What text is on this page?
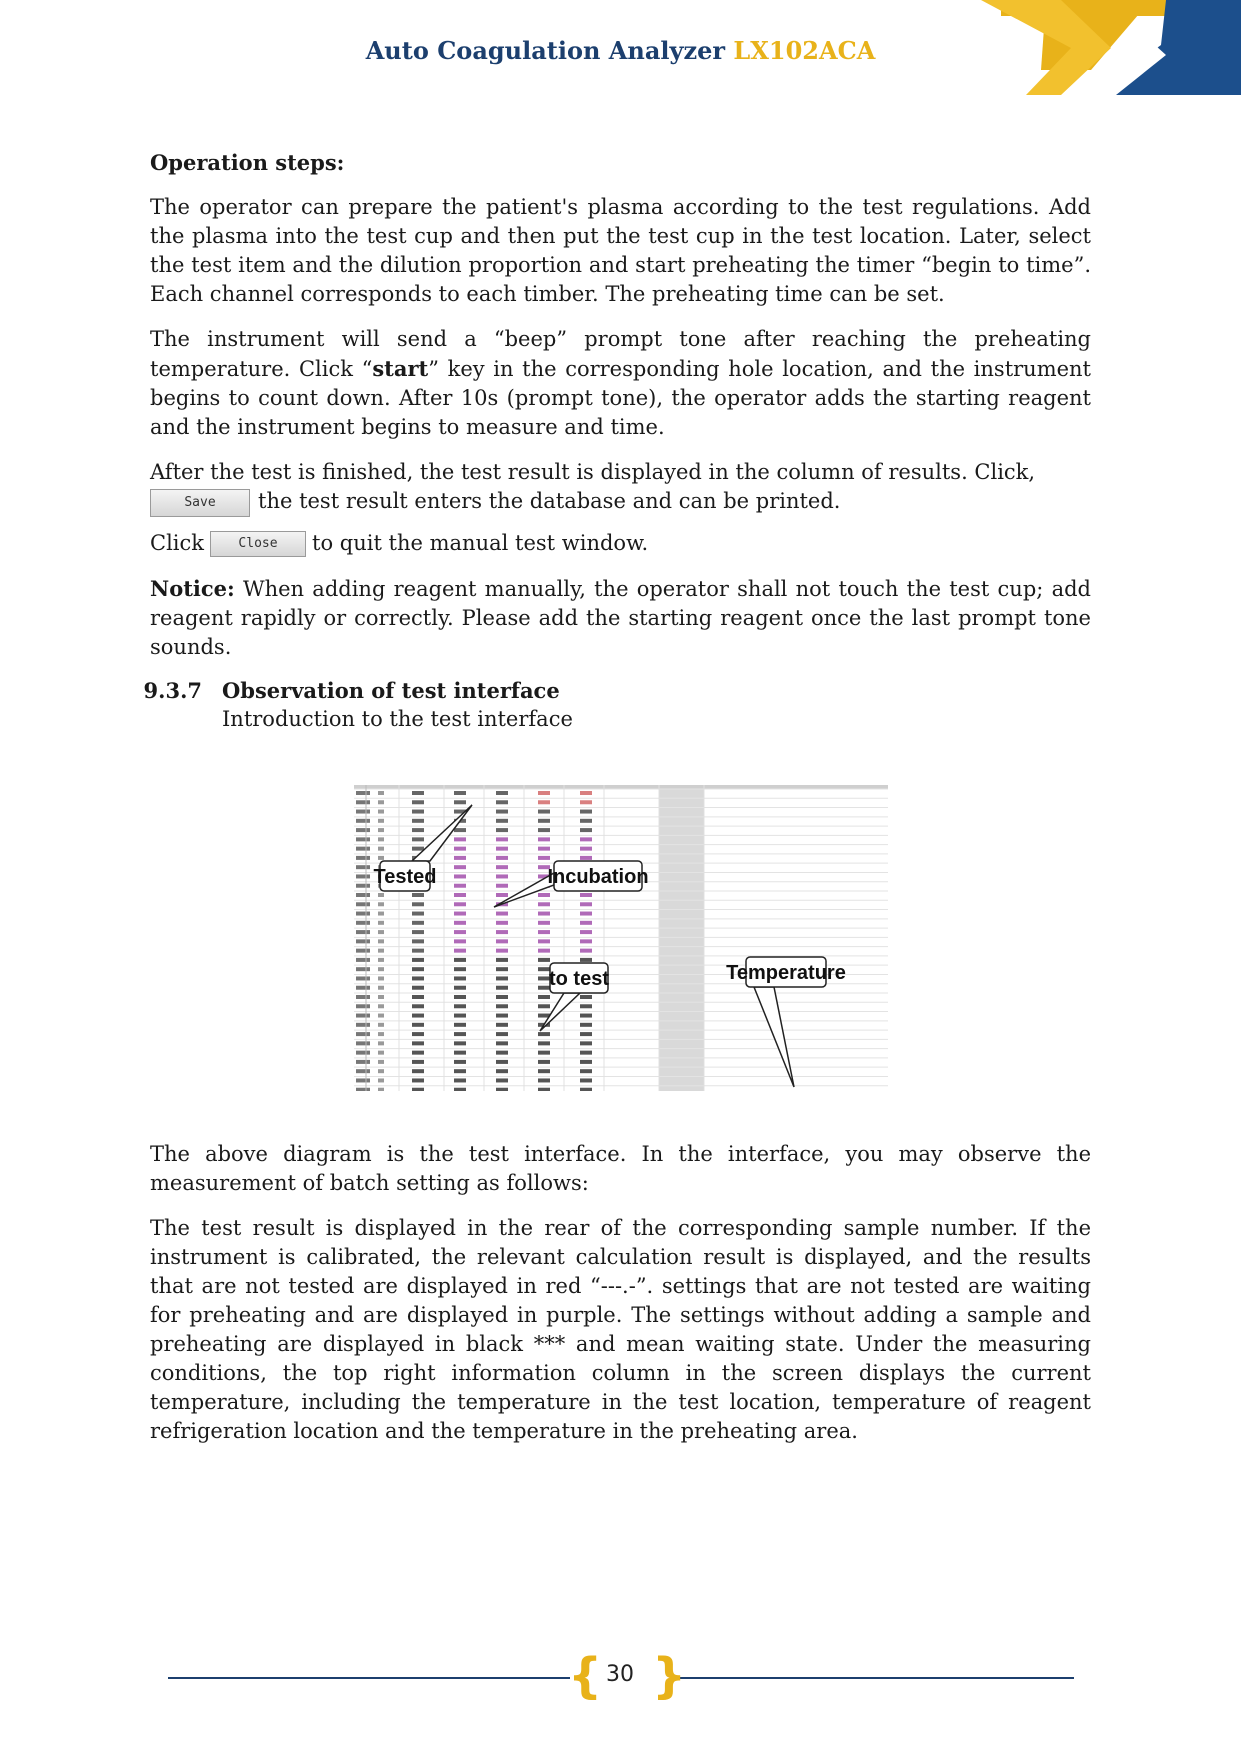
Auto Coagulation Analyzer LX102ACA
Operation steps:

The operator can prepare the patient's plasma according to the test regulations. Add the plasma into the test cup and then put the test cup in the test location. Later, select the test item and the dilution proportion and start preheating the timer “begin to time”. Each channel corresponds to each timber. The preheating time can be set.

The instrument will send a “beep” prompt tone after reaching the preheating temperature. Click “start” key in the corresponding hole location, and the instrument begins to count down. After 10s (prompt tone), the operator adds the starting reagent and the instrument begins to measure and time.

After the test is finished, the test result is displayed in the column of results. Click,
Save the test result enters the database and can be printed.

Click	Close to quit the manual test window.

Notice: When adding reagent manually, the operator shall not touch the test cup; add reagent rapidly or correctly. Please add the starting reagent once the last prompt tone sounds.

9.3.7 Observation of test interface
Introduction to the test interface
Tested	Incubation
to test	Temperature

The above diagram is the test interface. In the interface, you may observe the measurement of batch setting as follows:

The test result is displayed in the rear of the corresponding sample number. If the instrument is calibrated, the relevant calculation result is displayed, and the results that are not tested are displayed in red “---.-”. settings that are not tested are waiting for preheating and are displayed in purple. The settings without adding a sample and preheating are displayed in black *** and mean waiting state. Under the measuring conditions, the top right information column in the screen displays the current temperature, including the temperature in the test location, temperature of reagent refrigeration location and the temperature in the preheating area.

{ }
30
